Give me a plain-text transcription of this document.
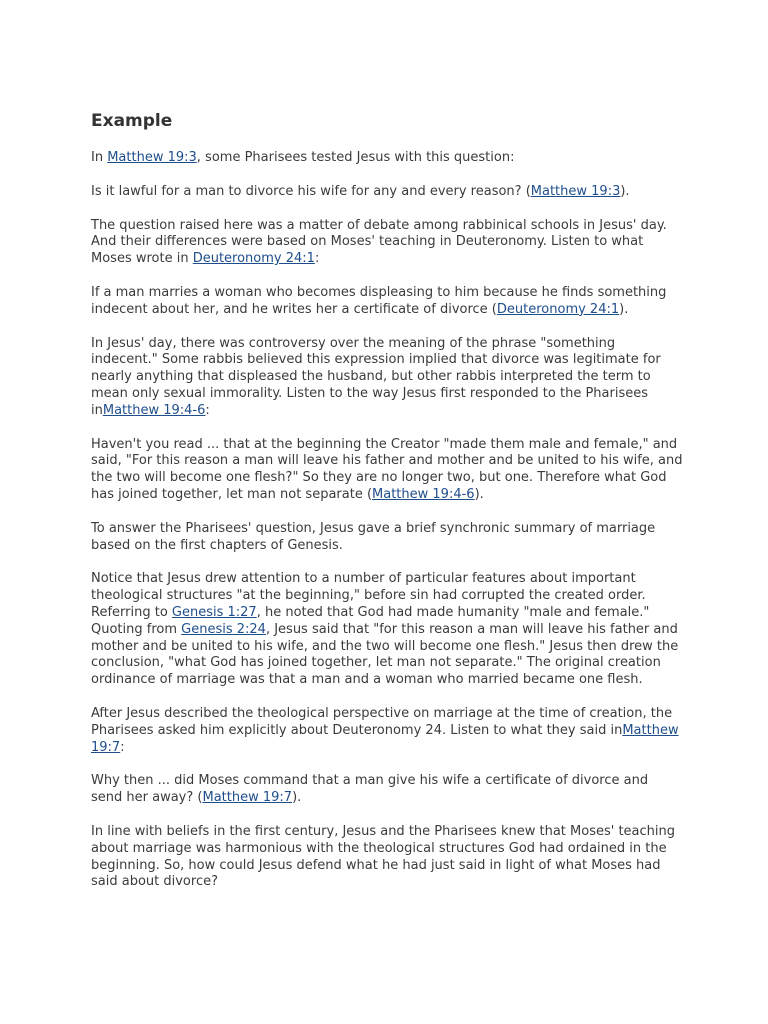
Example

In Matthew 19:3, some Pharisees tested Jesus with this question:

Is it lawful for a man to divorce his wife for any and every reason? (Matthew 19:3).

The question raised here was a matter of debate among rabbinical schools in Jesus' day. And their differences were based on Moses' teaching in Deuteronomy. Listen to what Moses wrote in Deuteronomy 24:1:

If a man marries a woman who becomes displeasing to him because he finds something indecent about her, and he writes her a certificate of divorce (Deuteronomy 24:1).

In Jesus' day, there was controversy over the meaning of the phrase "something indecent." Some rabbis believed this expression implied that divorce was legitimate for nearly anything that displeased the husband, but other rabbis interpreted the term to mean only sexual immorality. Listen to the way Jesus first responded to the Pharisees inMatthew 19:4-6:

Haven't you read ... that at the beginning the Creator "made them male and female," and said, "For this reason a man will leave his father and mother and be united to his wife, and the two will become one flesh?" So they are no longer two, but one. Therefore what God has joined together, let man not separate (Matthew 19:4-6).

To answer the Pharisees' question, Jesus gave a brief synchronic summary of marriage based on the first chapters of Genesis.

Notice that Jesus drew attention to a number of particular features about important theological structures "at the beginning," before sin had corrupted the created order. Referring to Genesis 1:27, he noted that God had made humanity "male and female." Quoting from Genesis 2:24, Jesus said that "for this reason a man will leave his father and mother and be united to his wife, and the two will become one flesh." Jesus then drew the conclusion, "what God has joined together, let man not separate." The original creation ordinance of marriage was that a man and a woman who married became one flesh.

After Jesus described the theological perspective on marriage at the time of creation, the Pharisees asked him explicitly about Deuteronomy 24. Listen to what they said inMatthew 19:7:

Why then ... did Moses command that a man give his wife a certificate of divorce and send her away? (Matthew 19:7).

In line with beliefs in the first century, Jesus and the Pharisees knew that Moses' teaching about marriage was harmonious with the theological structures God had ordained in the beginning. So, how could Jesus defend what he had just said in light of what Moses had said about divorce?
